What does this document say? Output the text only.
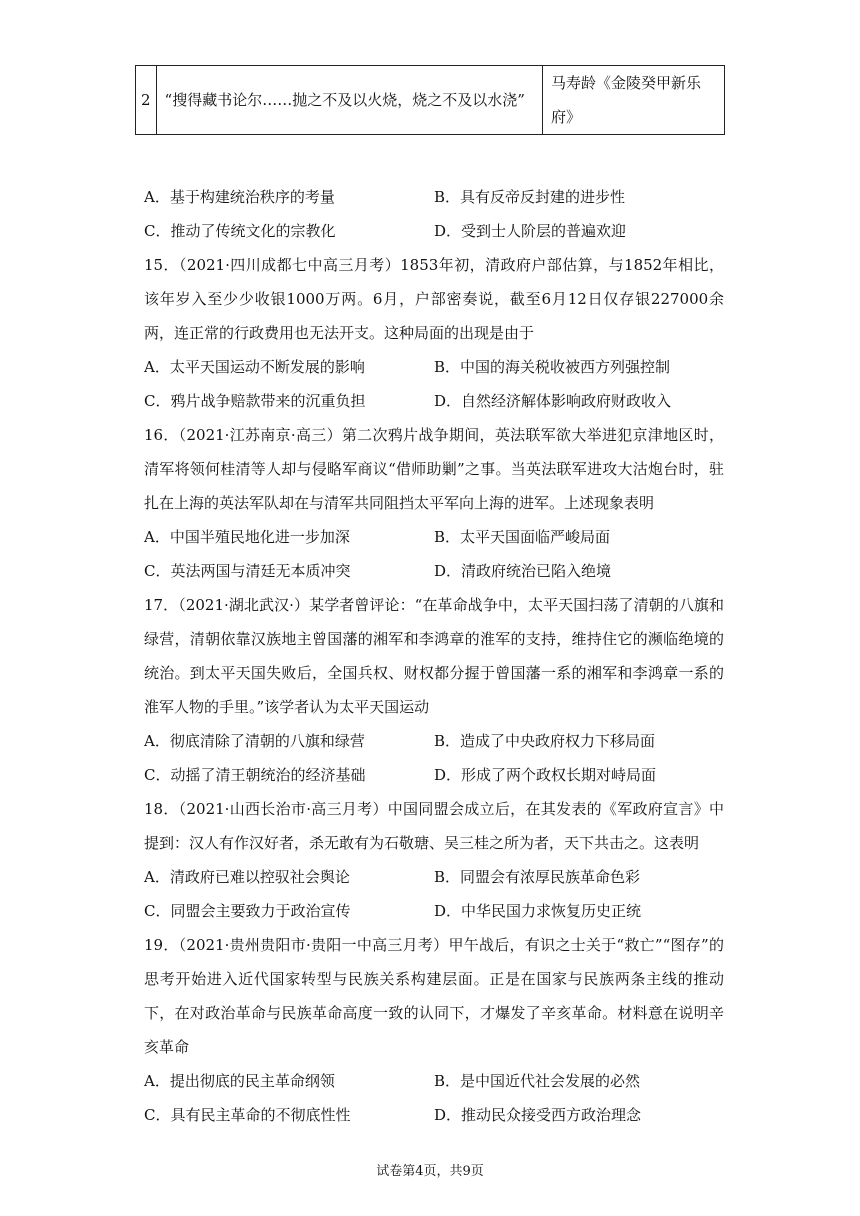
2	“搜得藏书论尔……抛之不及以火烧，烧之不及以水浇”	马寿龄《金陵癸甲新乐府》
A．基于构建统治秩序的考量	B．具有反帝反封建的进步性
C．推动了传统文化的宗教化	D．受到士人阶层的普遍欢迎
15．（2021·四川成都七中高三月考）1853年初，清政府户部估算，与1852年相比，该年岁入至少少收银1000万两。6月，户部密奏说，截至6月12日仅存银227000余两，连正常的行政费用也无法开支。这种局面的出现是由于
A．太平天国运动不断发展的影响	B．中国的海关税收被西方列强控制
C．鸦片战争赔款带来的沉重负担	D．自然经济解体影响政府财政收入
16．（2021·江苏南京·高三）第二次鸦片战争期间，英法联军欲大举进犯京津地区时，清军将领何桂清等人却与侵略军商议“借师助剿”之事。当英法联军进攻大沽炮台时，驻扎在上海的英法军队却在与清军共同阻挡太平军向上海的进军。上述现象表明
A．中国半殖民地化进一步加深	B．太平天国面临严峻局面
C．英法两国与清廷无本质冲突	D．清政府统治已陷入绝境
17．（2021·湖北武汉·）某学者曾评论：“在革命战争中，太平天国扫荡了清朝的八旗和绿营，清朝依靠汉族地主曾国藩的湘军和李鸿章的淮军的支持，维持住它的濒临绝境的统治。到太平天国失败后，全国兵权、财权都分握于曾国藩一系的湘军和李鸿章一系的淮军人物的手里。”该学者认为太平天国运动
A．彻底清除了清朝的八旗和绿营	B．造成了中央政府权力下移局面
C．动摇了清王朝统治的经济基础	D．形成了两个政权长期对峙局面
18．（2021·山西长治市·高三月考）中国同盟会成立后，在其发表的《军政府宣言》中提到：汉人有作汉好者，杀无敢有为石敬瑭、吴三桂之所为者，天下共击之。这表明
A．清政府已难以控驭社会舆论	B．同盟会有浓厚民族革命色彩
C．同盟会主要致力于政治宣传	D．中华民国力求恢复历史正统
19．（2021·贵州贵阳市·贵阳一中高三月考）甲午战后，有识之士关于“救亡”“图存”的思考开始进入近代国家转型与民族关系构建层面。正是在国家与民族两条主线的推动下，在对政治革命与民族革命高度一致的认同下，才爆发了辛亥革命。材料意在说明辛亥革命
A．提出彻底的民主革命纲领	B．是中国近代社会发展的必然
C．具有民主革命的不彻底性性	D．推动民众接受西方政治理念
试卷第4页，共9页
